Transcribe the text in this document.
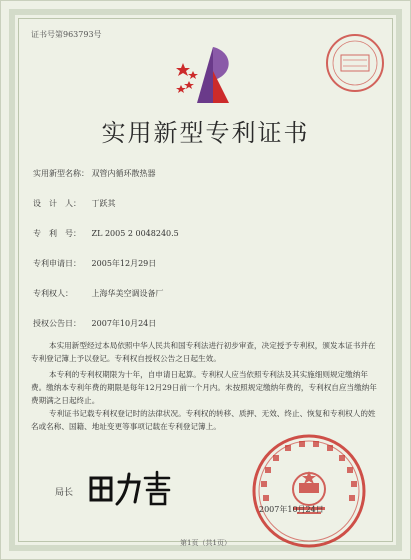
证书号第963793号
实用新型专利证书
实用新型名称： 双管内循环散热器
设　计　人： 丁跃其
专　利　号： ZL 2005 2 0048240.5
专利申请日： 2005年12月29日
专利权人： 上海华美空调设备厂
授权公告日： 2007年10月24日
本实用新型经过本局依照中华人民共和国专利法进行初步审查，决定授予专利权，颁发本证书并在专利登记簿上予以登记。专利权自授权公告之日起生效。
本专利的专利权期限为十年，自申请日起算。专利权人应当依照专利法及其实施细则规定缴纳年费。缴纳本专利年费的期限是每年12月29日前一个月内。未按照规定缴纳年费的，专利权自应当缴纳年费期满之日起终止。
专利证书记载专利权登记时的法律状况。专利权的转移、质押、无效、终止、恢复和专利权人的姓名或名称、国籍、地址变更等事项记载在专利登记簿上。
局长
2007年10月24日
第1页（共1页）
